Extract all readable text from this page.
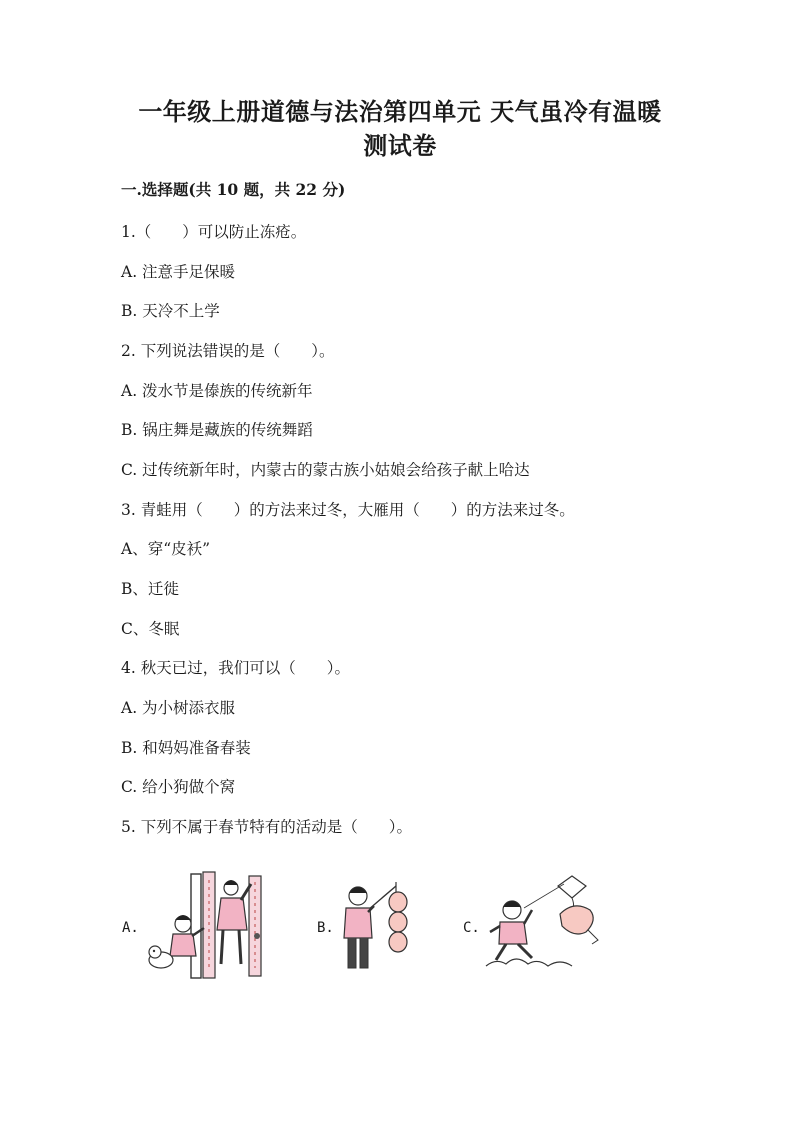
一年级上册道德与法治第四单元 天气虽冷有温暖
测试卷
一.选择题(共 10 题，共 22 分)
1.（　　）可以防止冻疮。
A. 注意手足保暖
B. 天冷不上学
2. 下列说法错误的是（　　）。
A. 泼水节是傣族的传统新年
B. 锅庄舞是藏族的传统舞蹈
C. 过传统新年时，内蒙古的蒙古族小姑娘会给孩子献上哈达
3. 青蛙用（　　）的方法来过冬，大雁用（　　）的方法来过冬。
A、穿“皮袄”
B、迁徙
C、冬眠
4. 秋天已过，我们可以（　　）。
A. 为小树添衣服
B. 和妈妈准备春装
C. 给小狗做个窝
5. 下列不属于春节特有的活动是（　　）。
A.	B.	C.
